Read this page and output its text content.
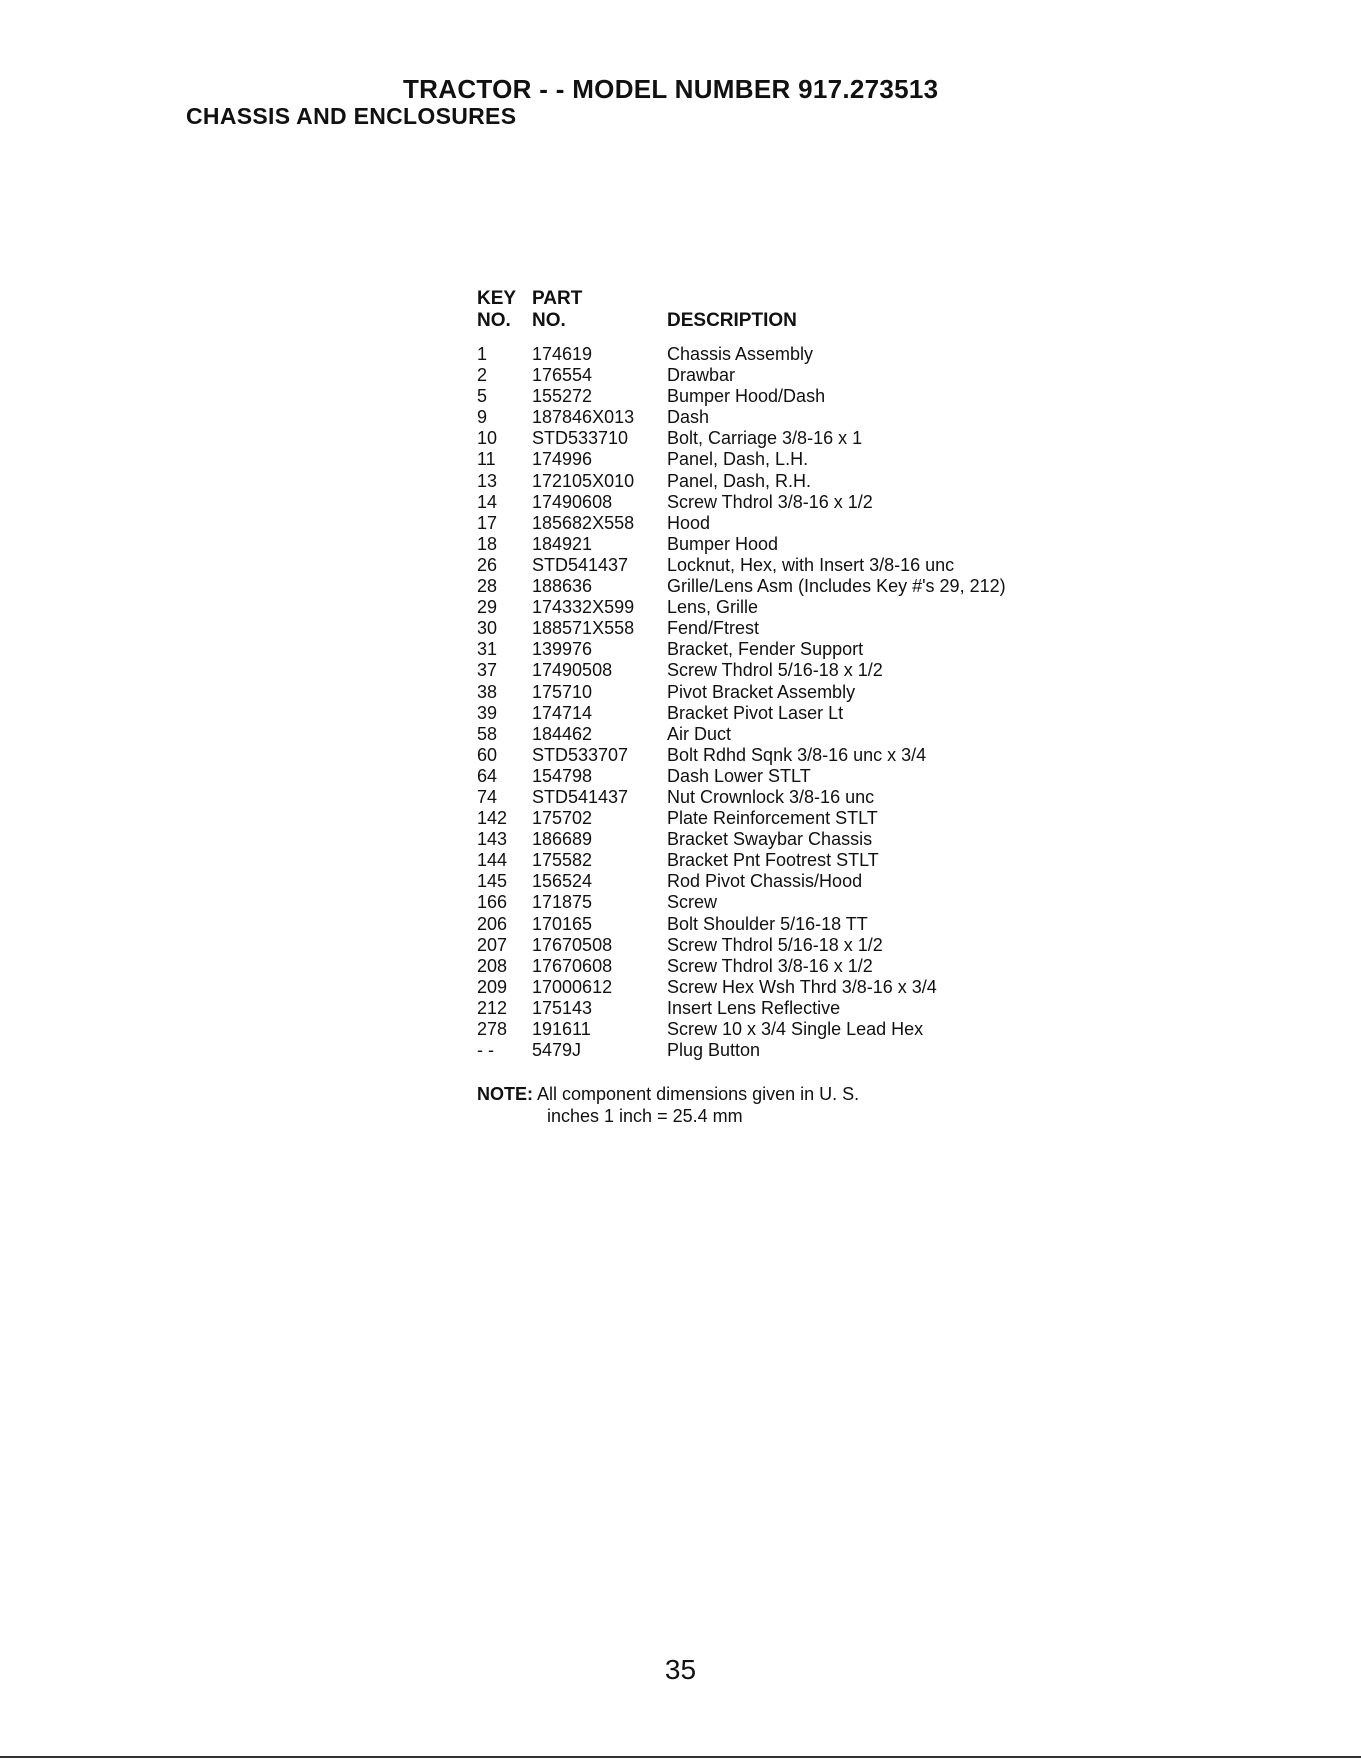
TRACTOR - - MODEL NUMBER 917.273513
CHASSIS AND ENCLOSURES
KEY PART
NO. NO.	DESCRIPTION
1 174619	Chassis Assembly
2 176554	Drawbar
5 155272	Bumper Hood/Dash
9 187846X013 Dash
10 STD533710 Bolt, Carriage 3/8-16 x 1
11 174996	Panel, Dash, L.H.
13 172105X010 Panel, Dash, R.H.
14 17490608	Screw Thdrol 3/8-16 x 1/2
17 185682X558 Hood
18 184921	Bumper Hood
26 STD541437 Locknut, Hex, with Insert 3/8-16 unc
28 188636	Grille/Lens Asm (Includes Key #'s 29, 212)
29 174332X599 Lens, Grille
30 188571X558 Fend/Ftrest
31 139976	Bracket, Fender Support
37 17490508	Screw Thdrol 5/16-18 x 1/2
38 175710	Pivot Bracket Assembly
39 174714	Bracket Pivot Laser Lt
58 184462	Air Duct
60 STD533707 Bolt Rdhd Sqnk 3/8-16 unc x 3/4
64 154798	Dash Lower STLT
74 STD541437 Nut Crownlock 3/8-16 unc
142 175702	Plate Reinforcement STLT
143 186689	Bracket Swaybar Chassis
144 175582	Bracket Pnt Footrest STLT
145 156524	Rod Pivot Chassis/Hood
166 171875	Screw
206 170165	Bolt Shoulder 5/16-18 TT
207 17670508	Screw Thdrol 5/16-18 x 1/2
208 17670608	Screw Thdrol 3/8-16 x 1/2
209 17000612	Screw Hex Wsh Thrd 3/8-16 x 3/4
212 175143	Insert Lens Reflective
278 191611	Screw 10 x 3/4 Single Lead Hex
- - 5479J	Plug Button
NOTE: All component dimensions given in U. S.
inches 1 inch = 25.4 mm
35
